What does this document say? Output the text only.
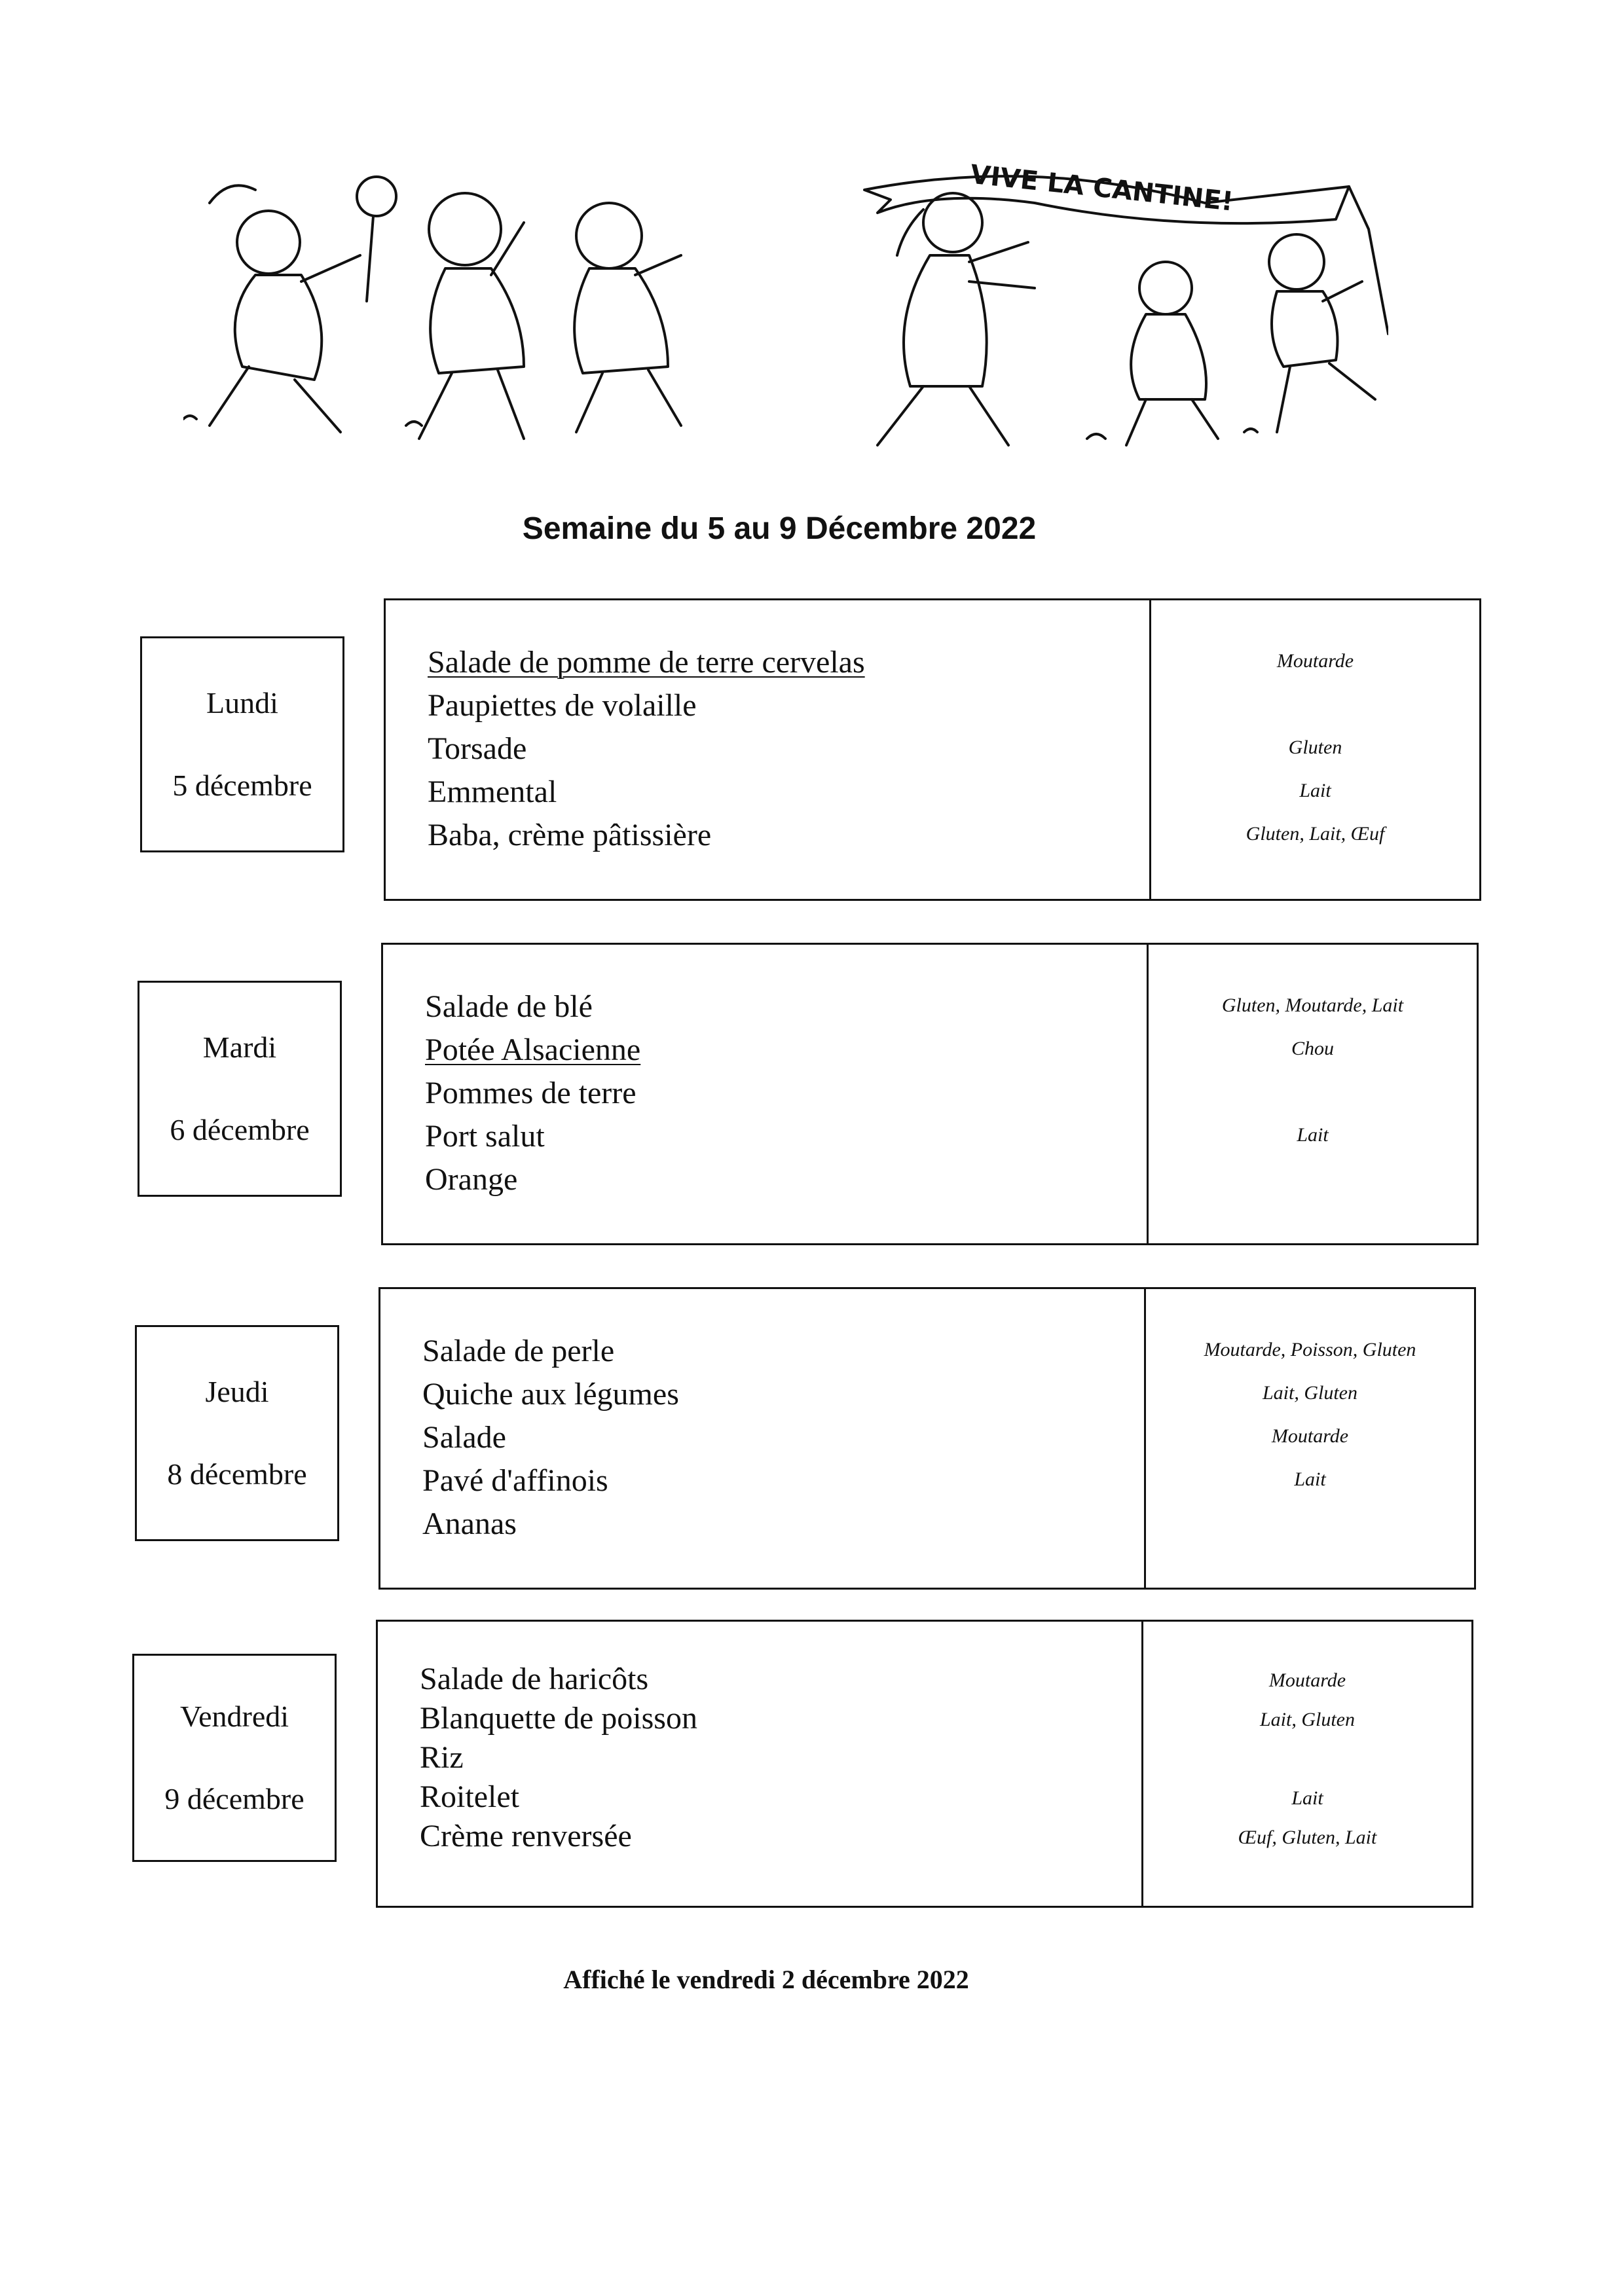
VIVE LA CANTINE!
Semaine du 5 au 9 Décembre 2022
Lundi
5 décembre
Salade de pomme de terre cervelas
Paupiettes de volaille
Torsade
Emmental
Baba, crème pâtissière
Moutarde
Gluten
Lait
Gluten, Lait, Œuf
Mardi
6 décembre
Salade de blé
Potée Alsacienne
Pommes de terre
Port salut
Orange
Gluten, Moutarde, Lait
Chou
Lait
Jeudi
8 décembre
Salade de perle
Quiche aux légumes
Salade
Pavé d'affinois
Ananas
Moutarde, Poisson, Gluten
Lait, Gluten
Moutarde
Lait
Vendredi
9 décembre
Salade de haricôts
Blanquette de poisson
Riz
Roitelet
Crème renversée
Moutarde
Lait, Gluten
Lait
Œuf, Gluten, Lait
Affiché le vendredi 2 décembre 2022
